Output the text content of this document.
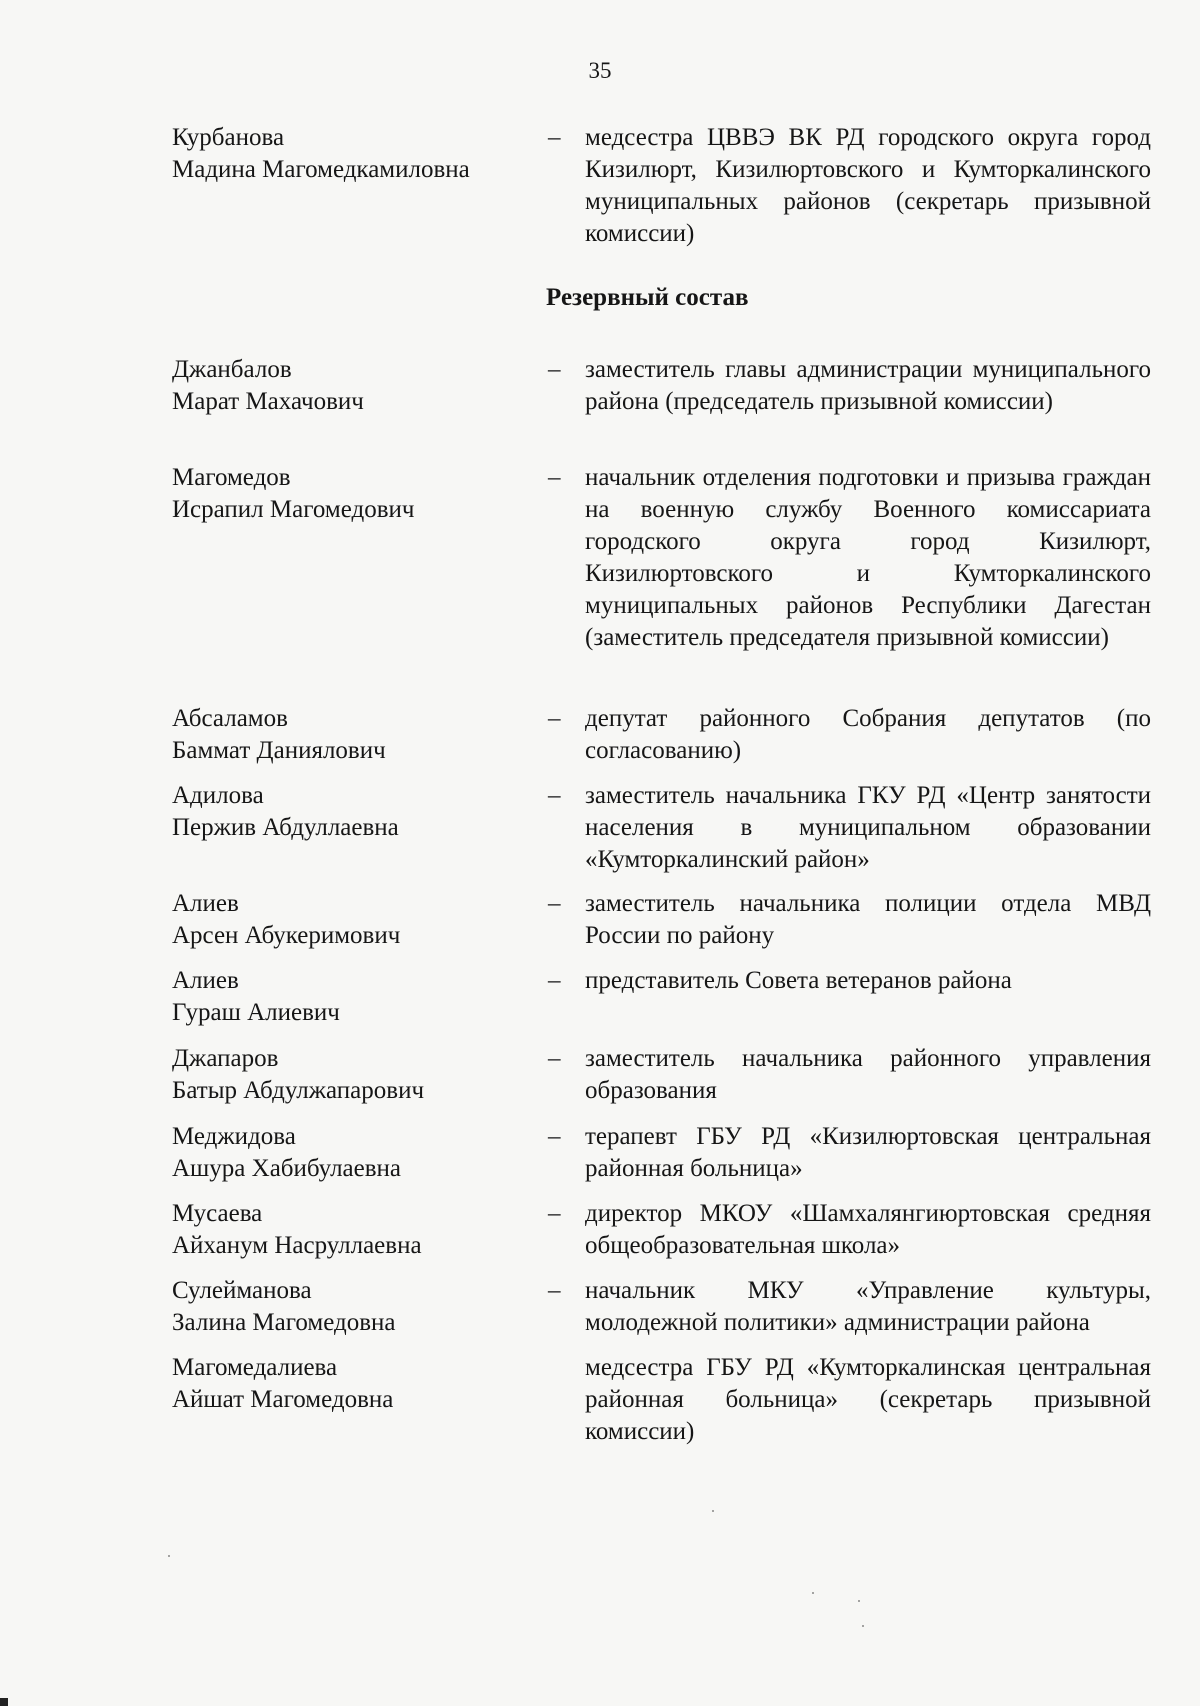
35
Курбанова
Мадина Магомедкамиловна
– медсестра ЦВВЭ ВК РД городского округа город Кизилюрт, Кизилюртовского и Кумторкалинского муниципальных районов (секретарь призывной комиссии)
Резервный состав
Джанбалов
Марат Махачович
– заместитель главы администрации муниципального района (председатель призывной комиссии)
Магомедов
Исрапил Магомедович
– начальник отделения подготовки и призыва граждан на военную службу Военного комиссариата городского округа город Кизилюрт, Кизилюртовского и Кумторкалинского муниципальных районов Республики Дагестан (заместитель председателя призывной комиссии)
Абсаламов
Баммат Даниялович
– депутат районного Собрания депутатов (по согласованию)
Адилова
Пержив Абдуллаевна
– заместитель начальника ГКУ РД «Центр занятости населения в муниципальном образовании «Кумторкалинский район»
Алиев
Арсен Абукеримович
– заместитель начальника полиции отдела МВД России по району
Алиев
Гураш Алиевич
– представитель Совета ветеранов района
Джапаров
Батыр Абдулжапарович
– заместитель начальника районного управления образования
Меджидова
Ашура Хабибулаевна
– терапевт ГБУ РД «Кизилюртовская центральная районная больница»
Мусаева
Айханум Насруллаевна
– директор МКОУ «Шамхалянгиюртовская средняя общеобразовательная школа»
Сулейманова
Залина Магомедовна
– начальник МКУ «Управление культуры, молодежной политики» администрации района
Магомедалиева
Айшат Магомедовна
медсестра ГБУ РД «Кумторкалинская центральная районная больница» (секретарь призывной комиссии)
